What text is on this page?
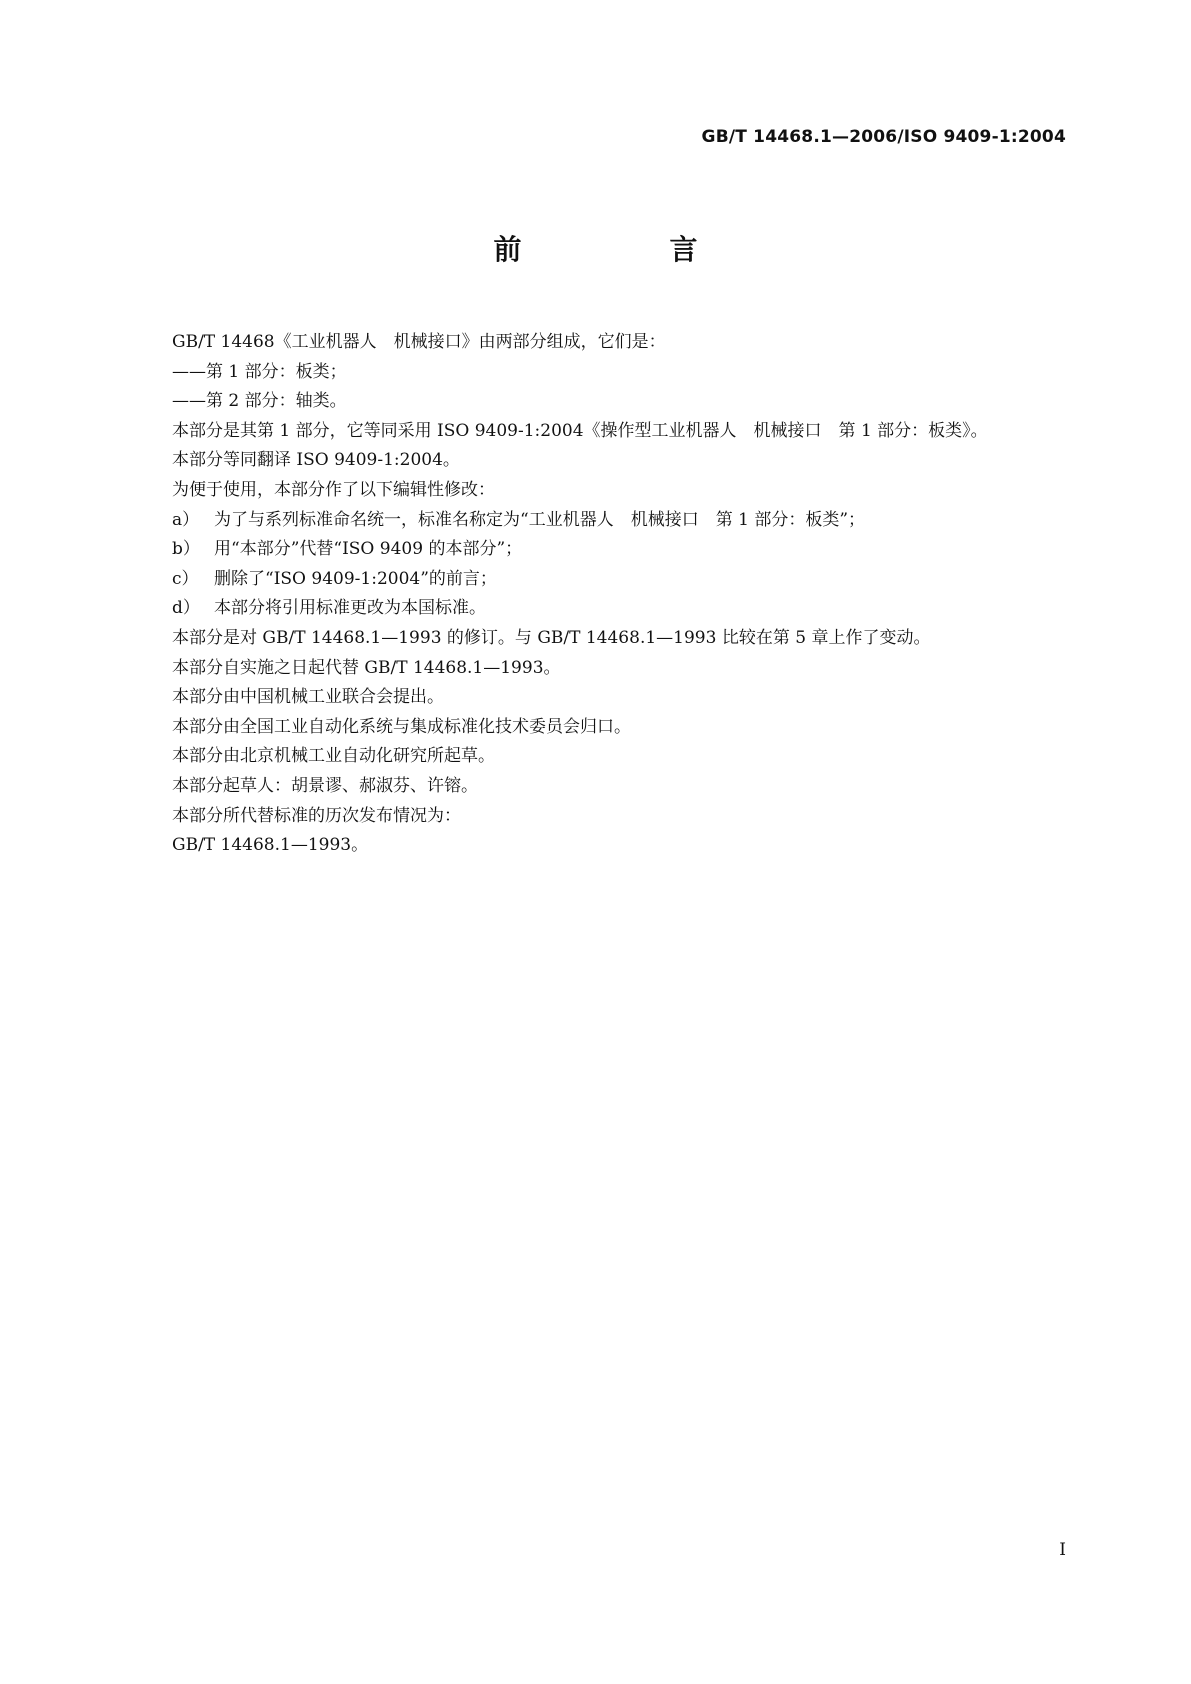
GB/T 14468.1—2006/ISO 9409-1:2004
前　言

GB/T 14468《工业机器人　机械接口》由两部分组成，它们是：

——第 1 部分：板类；

——第 2 部分：轴类。

本部分是其第 1 部分，它等同采用 ISO 9409-1:2004《操作型工业机器人　机械接口　第 1 部分：板类》。

本部分等同翻译 ISO 9409-1:2004。

为便于使用，本部分作了以下编辑性修改：

a） 为了与系列标准命名统一，标准名称定为“工业机器人　机械接口　第 1 部分：板类”；
b） 用“本部分”代替“ISO 9409 的本部分”；
c） 删除了“ISO 9409-1:2004”的前言；
d） 本部分将引用标准更改为本国标准。

本部分是对 GB/T 14468.1—1993 的修订。与 GB/T 14468.1—1993 比较在第 5 章上作了变动。

本部分自实施之日起代替 GB/T 14468.1—1993。

本部分由中国机械工业联合会提出。

本部分由全国工业自动化系统与集成标准化技术委员会归口。

本部分由北京机械工业自动化研究所起草。

本部分起草人：胡景谬、郝淑芬、许镕。

本部分所代替标准的历次发布情况为：

GB/T 14468.1—1993。

I
